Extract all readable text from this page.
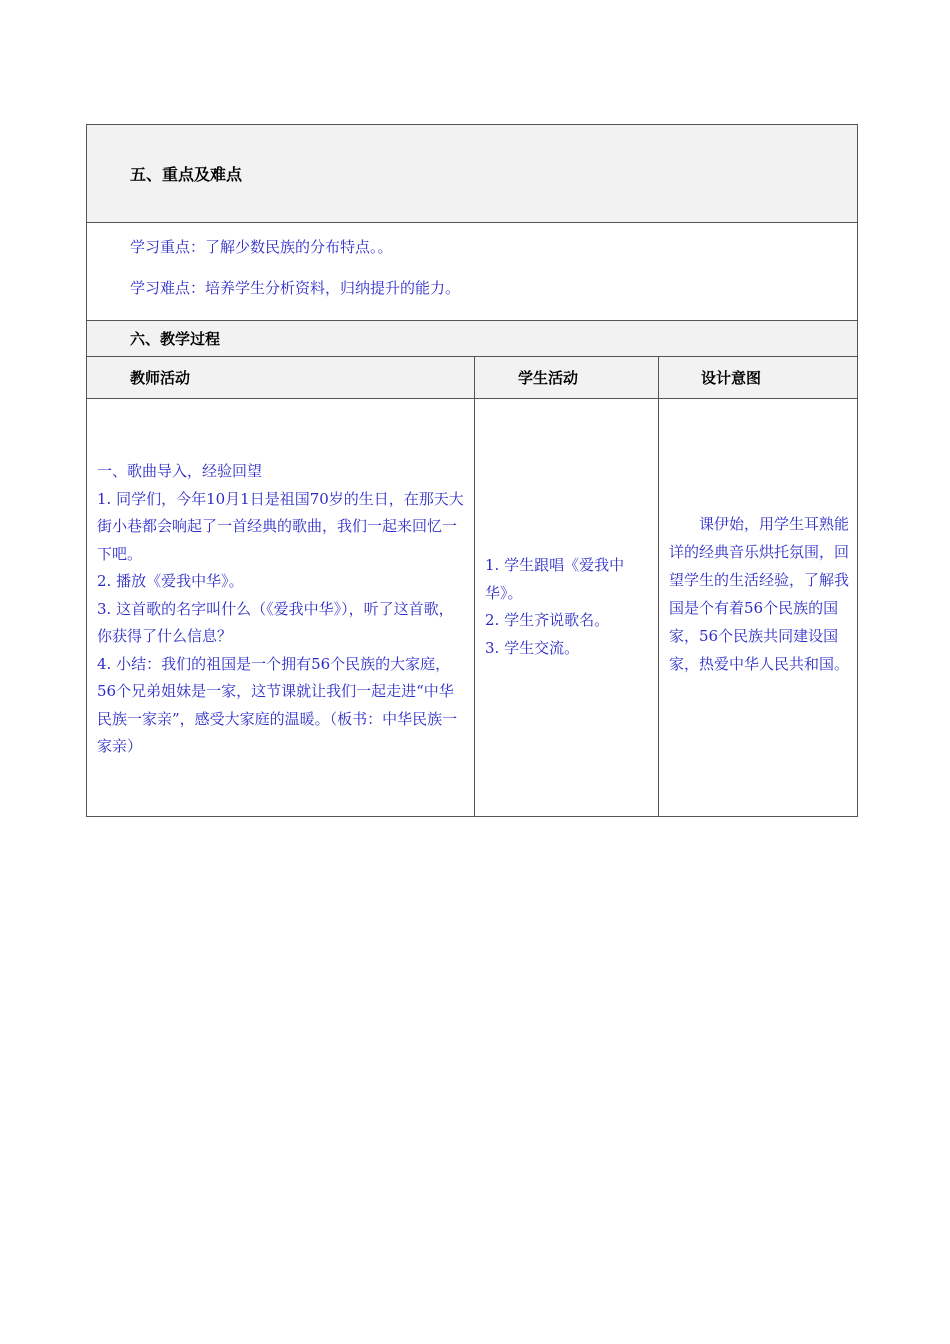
五、重点及难点

学习重点：了解少数民族的分布特点。。

学习难点：培养学生分析资料，归纳提升的能力。

六、教学过程
教师活动	学生活动	设计意图

一、歌曲导入，经验回望

1. 同学们，今年10月1日是祖国70岁的生日，在那天大街小巷都会响起了一首经典的歌曲，我们一起来回忆一下吧。

2. 播放《爱我中华》。

3. 这首歌的名字叫什么（《爱我中华》），听了这首歌，你获得了什么信息？

4. 小结：我们的祖国是一个拥有56个民族的大家庭，56个兄弟姐妹是一家，这节课就让我们一起走进“中华民族一家亲”，感受大家庭的温暖。（板书：中华民族一家亲）

1. 学生跟唱《爱我中华》。

2. 学生齐说歌名。

3. 学生交流。

课伊始，用学生耳熟能详的经典音乐烘托氛围，回望学生的生活经验，了解我国是个有着56个民族的国家，56个民族共同建设国家，热爱中华人民共和国。
